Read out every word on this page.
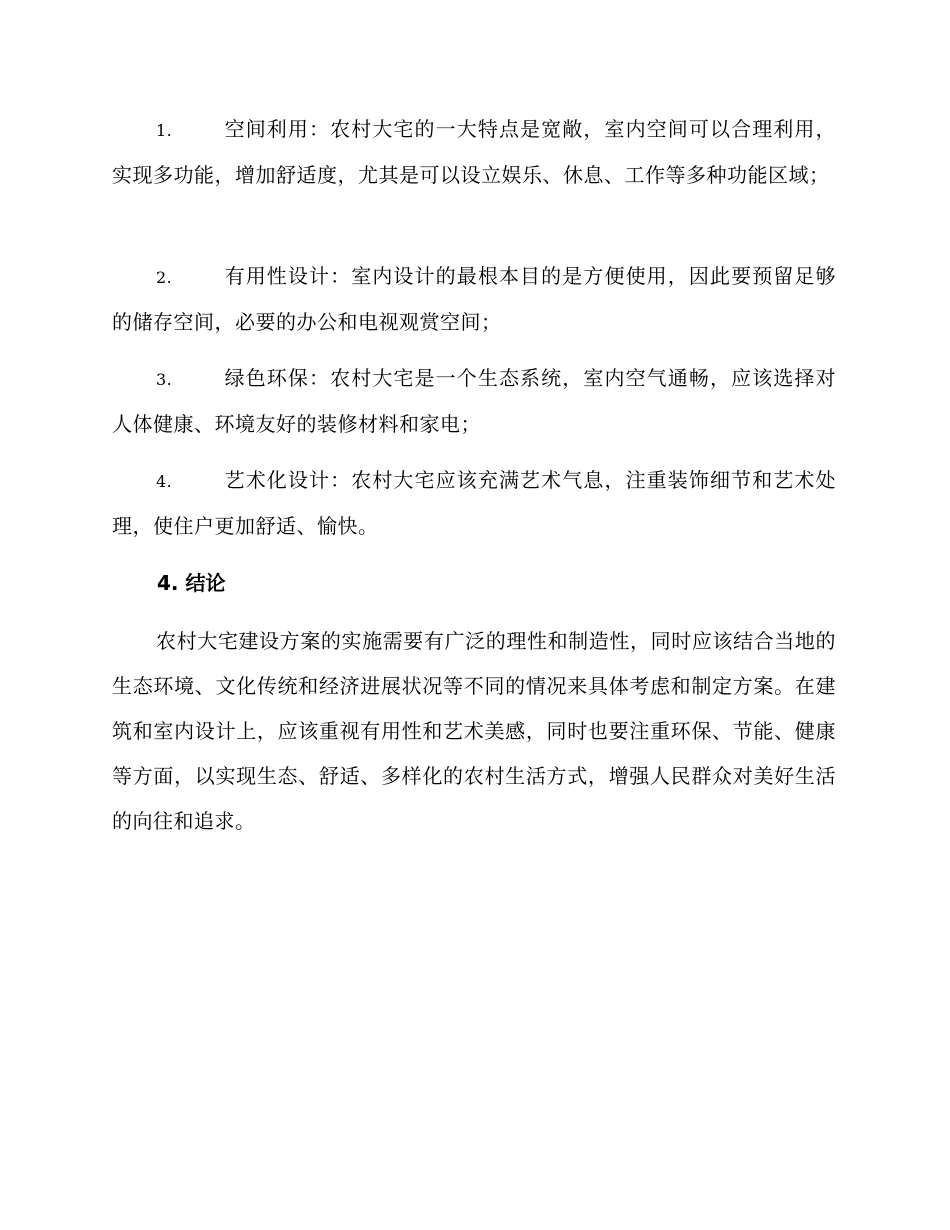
1.	空间利用：农村大宅的一大特点是宽敞，室内空间可以合理利用，实现多功能，增加舒适度，尤其是可以设立娱乐、休息、工作等多种功能区域；

2.	有用性设计：室内设计的最根本目的是方便使用，因此要预留足够的储存空间，必要的办公和电视观赏空间；

3.	绿色环保：农村大宅是一个生态系统，室内空气通畅，应该选择对人体健康、环境友好的装修材料和家电；

4.	艺术化设计：农村大宅应该充满艺术气息，注重装饰细节和艺术处理，使住户更加舒适、愉快。

4. 结论

农村大宅建设方案的实施需要有广泛的理性和制造性，同时应该结合当地的生态环境、文化传统和经济进展状况等不同的情况来具体考虑和制定方案。在建筑和室内设计上，应该重视有用性和艺术美感，同时也要注重环保、节能、健康等方面，以实现生态、舒适、多样化的农村生活方式，增强人民群众对美好生活的向往和追求。
